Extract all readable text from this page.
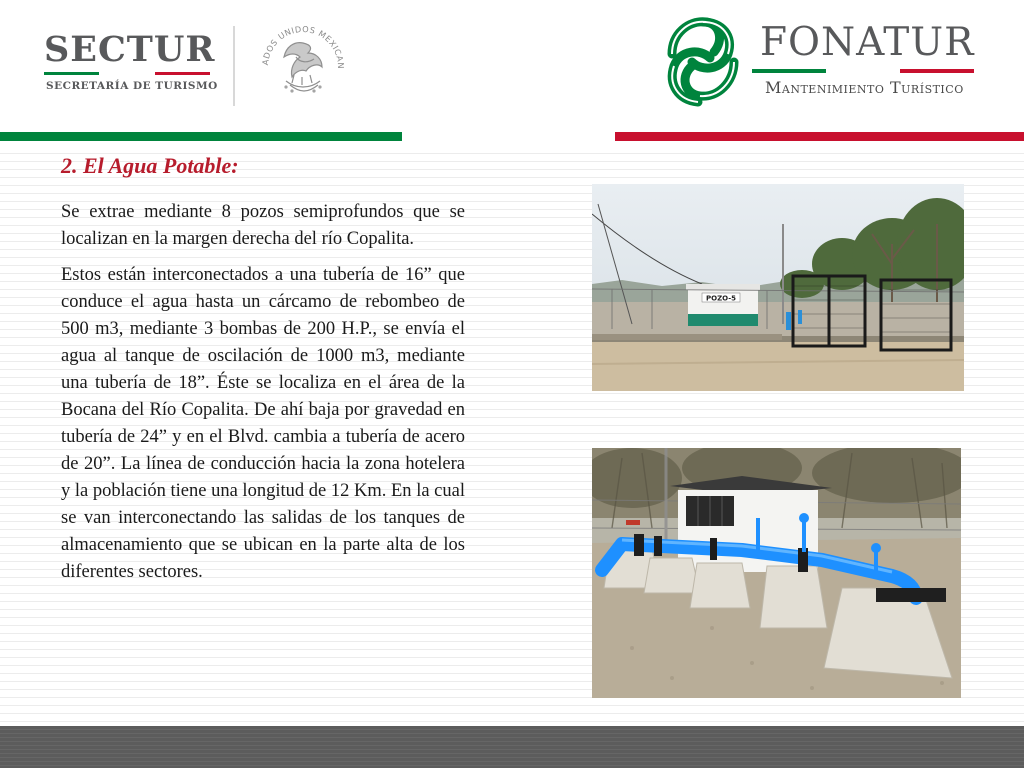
SECTUR
SECRETARÍA DE TURISMO
ADOS UNIDOS MEXICAN
FONATUR
Mantenimiento Turístico
2. El Agua Potable:

Se extrae mediante 8 pozos semiprofundos que se localizan en la margen derecha del río Copalita.

Estos están interconectados a una tubería de 16” que conduce el agua hasta un cárcamo de rebombeo de 500 m3, mediante 3 bombas de 200 H.P., se envía el agua al tanque de oscilación de 1000 m3, mediante una tubería de 18”. Éste se localiza en el área de la Bocana del Río Copalita. De ahí baja por gravedad en tubería de 24” y en el Blvd. cambia a tubería de acero de 20”. La línea de conducción hacia la zona hotelera y la población tiene una longitud de 12 Km. En la cual se van interconectando las salidas de los tanques de almacenamiento que se ubican en la parte alta de los diferentes sectores.

POZO-5
